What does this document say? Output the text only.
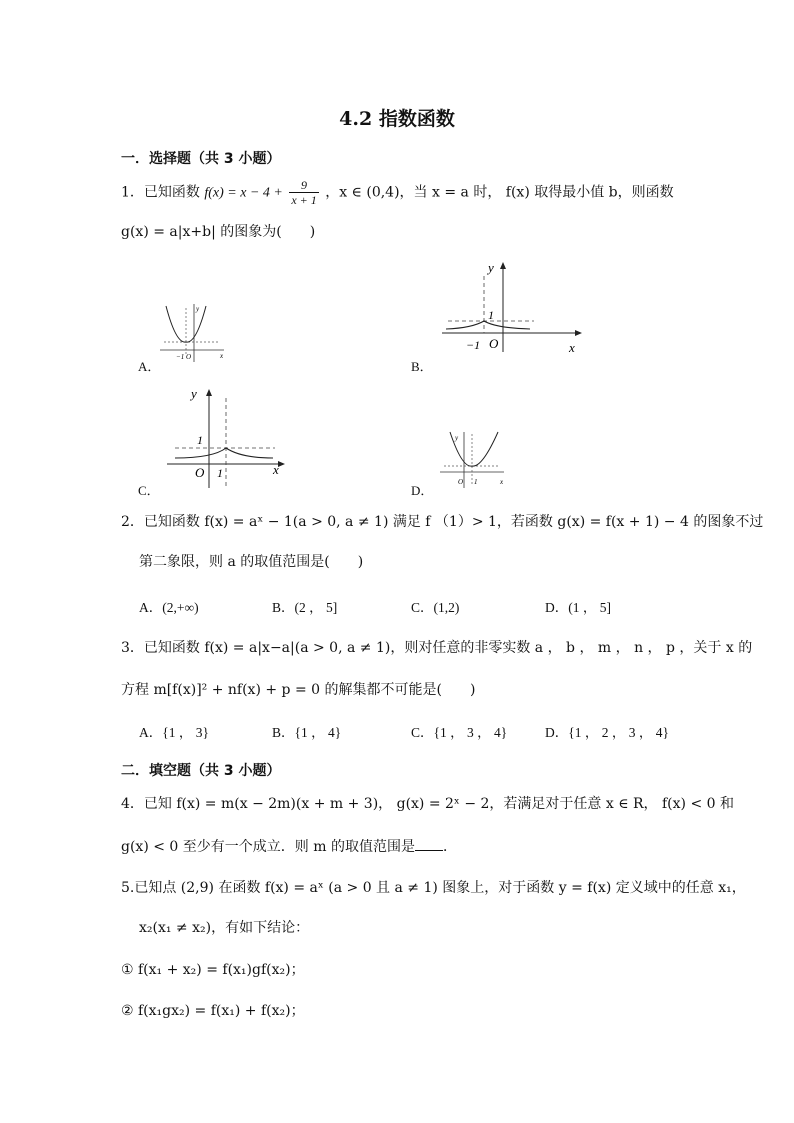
4.2 指数函数
一．选择题（共 3 小题）
1．已知函数 $f(x) = x - 4 + \frac{9}{x + 1}$ ，x ∈ (0,4)，当 x = a 时， f(x) 取得最小值 b，则函数
g(x) = a|x+b| 的图象为(　　)
A．
y
x
−1 O
B．
y
x
1
−1 O
C．
y
x
1
O 1
D．
y
x
O 1
2．已知函数 f(x) = aˣ − 1(a > 0, a ≠ 1) 满足 f （1）> 1，若函数 g(x) = f(x + 1) − 4 的图象不过
第二象限，则 a 的取值范围是(　　)
A．(2,+∞)	B．(2 ， 5]	C．(1,2)	D．(1 ， 5]
3．已知函数 f(x) = a|x−a|(a > 0, a ≠ 1)，则对任意的非零实数 a ， b ， m ， n ， p ，关于 x 的
方程 m[f(x)]² + nf(x) + p = 0 的解集都不可能是(　　)
A．{1 ， 3}	B．{1 ， 4}	C．{1 ， 3 ， 4}	D．{1 ， 2 ， 3 ， 4}
二．填空题（共 3 小题）
4．已知 f(x) = m(x − 2m)(x + m + 3)， g(x) = 2ˣ − 2，若满足对于任意 x ∈ R， f(x) < 0 和
g(x) < 0 至少有一个成立．则 m 的取值范围是 ．
5.已知点 (2,9) 在函数 f(x) = aˣ (a > 0 且 a ≠ 1) 图象上，对于函数 y = f(x) 定义域中的任意 x₁，
x₂(x₁ ≠ x₂)，有如下结论：
① f(x₁ + x₂) = f(x₁)gf(x₂)；
② f(x₁gx₂) = f(x₁) + f(x₂)；
